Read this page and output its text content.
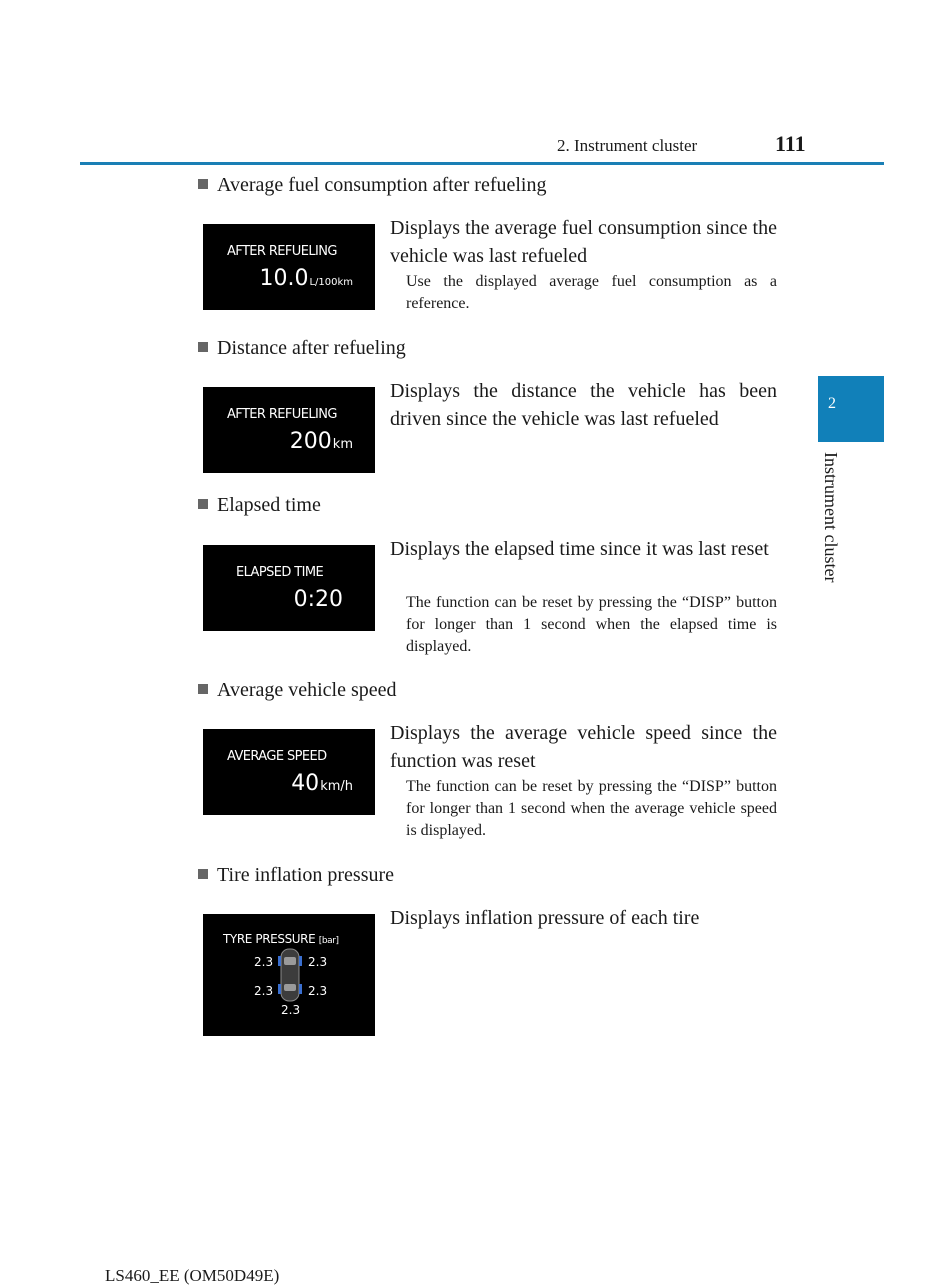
2. Instrument cluster	111
2
Instrument cluster
Average fuel consumption after refueling
AFTER REFUELING
10.0L/100km

Displays the average fuel consumption since the vehicle was last refueled

Use the displayed average fuel consumption as a reference.

Distance after refueling
AFTER REFUELING
200km

Displays the distance the vehicle has been driven since the vehicle was last refueled

Elapsed time
ELAPSED TIME
0:20

Displays the elapsed time since it was last reset

The function can be reset by pressing the “DISP” button for longer than 1 second when the elapsed time is displayed.

Average vehicle speed
AVERAGE SPEED
40km/h

Displays the average vehicle speed since the function was reset

The function can be reset by pressing the “DISP” button for longer than 1 second when the average vehicle speed is displayed.

Tire inflation pressure
TYRE PRESSURE [bar]
2.3	2.3
2.3	2.3
2.3

Displays inflation pressure of each tire

LS460_EE (OM50D49E)
